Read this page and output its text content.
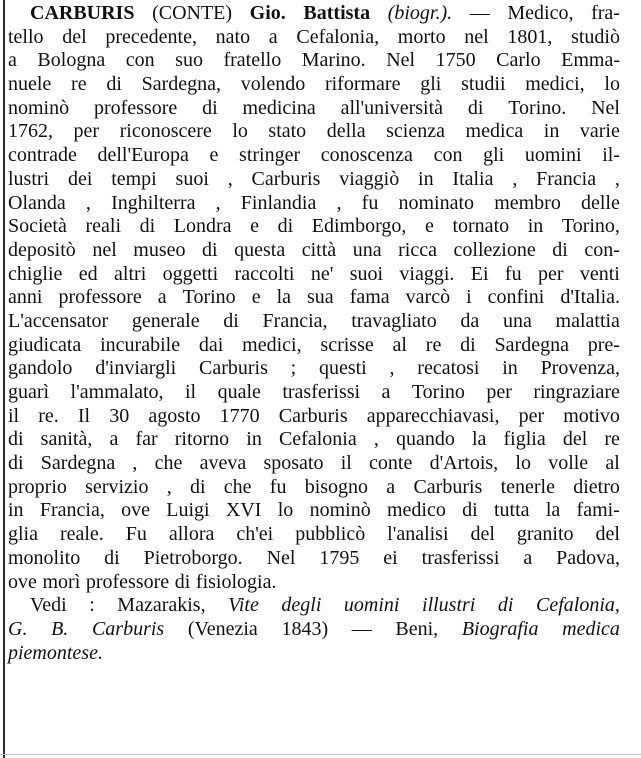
CARBURIS (CONTE) Gio. Battista (biogr.). — Medico, fra-
tello del precedente, nato a Cefalonia, morto nel 1801, studiò
a Bologna con suo fratello Marino. Nel 1750 Carlo Emma-
nuele re di Sardegna, volendo riformare gli studii medici, lo
nominò professore di medicina all'università di Torino. Nel
1762, per riconoscere lo stato della scienza medica in varie
contrade dell'Europa e stringer conoscenza con gli uomini il-
lustri dei tempi suoi , Carburis viaggiò in Italia , Francia ,
Olanda , Inghilterra , Finlandia , fu nominato membro delle
Società reali di Londra e di Edimborgo, e tornato in Torino,
depositò nel museo di questa città una ricca collezione di con-
chiglie ed altri oggetti raccolti ne' suoi viaggi. Ei fu per venti
anni professore a Torino e la sua fama varcò i confini d'Italia.
L'accensator generale di Francia, travagliato da una malattia
giudicata incurabile dai medici, scrisse al re di Sardegna pre-
gandolo d'inviargli Carburis ; questi , recatosi in Provenza,
guarì l'ammalato, il quale trasferissi a Torino per ringraziare
il re. Il 30 agosto 1770 Carburis apparecchiavasi, per motivo
di sanità, a far ritorno in Cefalonia , quando la figlia del re
di Sardegna , che aveva sposato il conte d'Artois, lo volle al
proprio servizio , di che fu bisogno a Carburis tenerle dietro
in Francia, ove Luigi XVI lo nominò medico di tutta la fami-
glia reale. Fu allora ch'ei pubblicò l'analisi del granito del
monolito di Pietroborgo. Nel 1795 ei trasferissi a Padova,
ove morì professore di fisiologia.
Vedi : Mazarakis, Vite degli uomini illustri di Cefalonia,
G. B. Carburis (Venezia 1843) — Beni, Biografia medica
piemontese.
